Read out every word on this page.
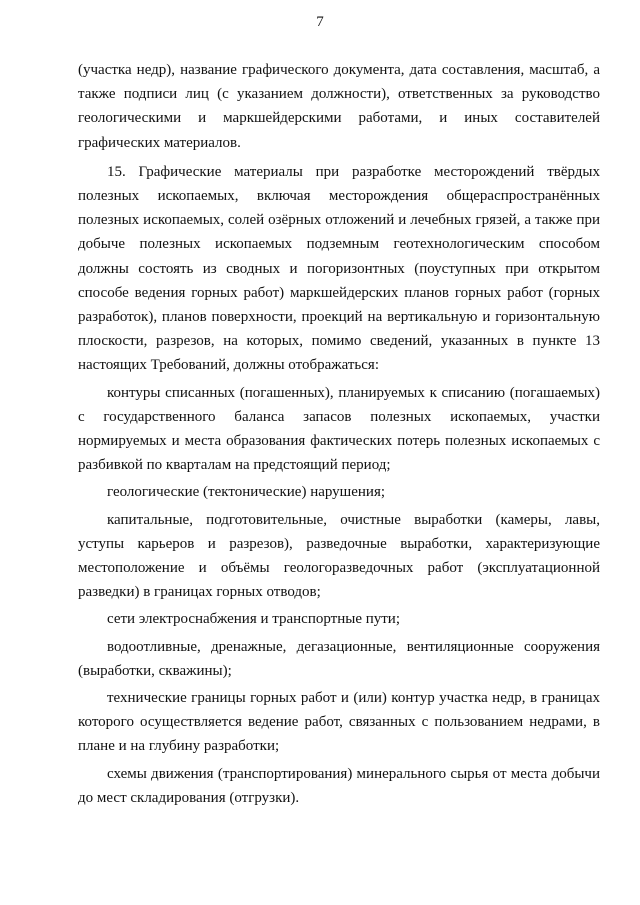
7

(участка недр), название графического документа, дата составления, масштаб, а также подписи лиц (с указанием должности), ответственных за руководство геологическими и маркшейдерскими работами, и иных составителей графических материалов.

15. Графические материалы при разработке месторождений твёрдых полезных ископаемых, включая месторождения общераспространённых полезных ископаемых, солей озёрных отложений и лечебных грязей, а также при добыче полезных ископаемых подземным геотехнологическим способом должны состоять из сводных и погоризонтных (поуступных при открытом способе ведения горных работ) маркшейдерских планов горных работ (горных разработок), планов поверхности, проекций на вертикальную и горизонтальную плоскости, разрезов, на которых, помимо сведений, указанных в пункте 13 настоящих Требований, должны отображаться:

контуры списанных (погашенных), планируемых к списанию (погашаемых) с государственного баланса запасов полезных ископаемых, участки нормируемых и места образования фактических потерь полезных ископаемых с разбивкой по кварталам на предстоящий период;

геологические (тектонические) нарушения;

капитальные, подготовительные, очистные выработки (камеры, лавы, уступы карьеров и разрезов), разведочные выработки, характеризующие местоположение и объёмы геологоразведочных работ (эксплуатационной разведки) в границах горных отводов;

сети электроснабжения и транспортные пути;

водоотливные, дренажные, дегазационные, вентиляционные сооружения (выработки, скважины);

технические границы горных работ и (или) контур участка недр, в границах которого осуществляется ведение работ, связанных с пользованием недрами, в плане и на глубину разработки;

схемы движения (транспортирования) минерального сырья от места добычи до мест складирования (отгрузки).
